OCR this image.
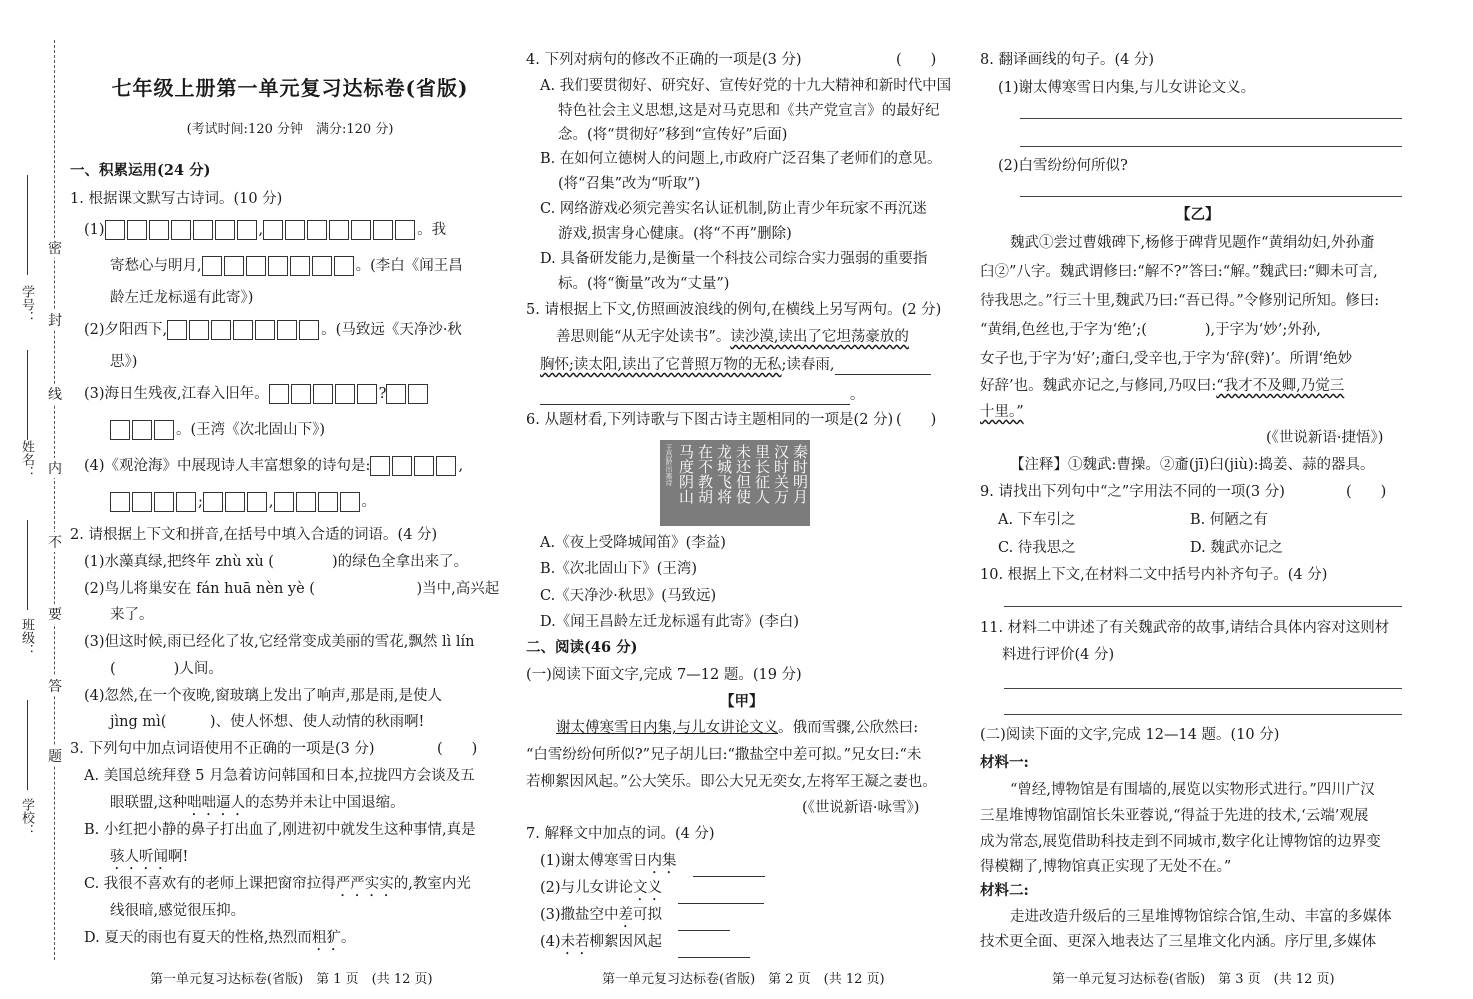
密
封
线
内
不
要
答
题
学号：
姓名：
班级：
学校：
七年级上册第一单元复习达标卷(省版)
(考试时间:120 分钟　满分:120 分)
一、积累运用(24 分)
1. 根据课文默写古诗词。(10 分)
(1)	,	。我
寄愁心与明月,	。(李白《闻王昌
龄左迁龙标遥有此寄》)
(2)夕阳西下,	。(马致远《天净沙·秋
思》)
(3)海日生残夜,江春入旧年。	?
。(王湾《次北固山下》)
(4)《观沧海》中展现诗人丰富想象的诗句是:	,
;	,	。
2. 请根据上下文和拼音,在括号中填入合适的词语。(4 分)
(1)水藻真绿,把终年 zhù xù (　　　　)的绿色全拿出来了。
(2)鸟儿将巢安在 fán huā nèn yè (　　　　　　　)当中,高兴起
来了。
(3)但这时候,雨已经化了妆,它经常变成美丽的雪花,飘然 lì lín
(　　　　)人间。
(4)忽然,在一个夜晚,窗玻璃上发出了响声,那是雨,是使人
jìng mì(　　　)、使人怀想、使人动情的秋雨啊!
3. 下列句中加点词语使用不正确的一项是(3 分)	(　　)
A. 美国总统拜登 5 月急着访问韩国和日本,拉拢四方会谈及五
眼联盟,这种咄咄逼人的态势并未让中国退缩。
B. 小红把小静的鼻子打出血了,刚进初中就发生这种事情,真是
骇人听闻啊!
C. 我很不喜欢有的老师上课把窗帘拉得严严实实的,教室内光
线很暗,感觉很压抑。
D. 夏天的雨也有夏天的性格,热烈而粗犷。
第一单元复习达标卷(省版)　第 1 页　(共 12 页)
4. 下列对病句的修改不正确的一项是(3 分)	(　　)
A. 我们要贯彻好、研究好、宣传好党的十九大精神和新时代中国
特色社会主义思想,这是对马克思和《共产党宣言》的最好纪
念。(将“贯彻好”移到“宣传好”后面)
B. 在如何立德树人的问题上,市政府广泛召集了老师们的意见。
(将“召集”改为“听取”)
C. 网络游戏必须完善实名认证机制,防止青少年玩家不再沉迷
游戏,损害身心健康。(将“不再”删除)
D. 具备研发能力,是衡量一个科技公司综合实力强弱的重要指
标。(将“衡量”改为“丈量”)
5. 请根据上下文,仿照画波浪线的例句,在横线上另写两句。(2 分)
善思则能“从无字处读书”。读沙漠,读出了它坦荡豪放的
胸怀;读太阳,读出了它普照万物的无私;读春雨,
。
6. 从题材看,下列诗歌与下图古诗主题相同的一项是(2 分) (　　)
A.《夜上受降城闻笛》(李益)
B.《次北固山下》(王湾)
C.《天净沙·秋思》(马致远)
D.《闻王昌龄左迁龙标遥有此寄》(李白)
二、阅读(46 分)
(一)阅读下面文字,完成 7—12 题。(19 分)
【甲】
谢太傅寒雪日内集,与儿女讲论文义。俄而雪骤,公欣然曰:
“白雪纷纷何所似?”兄子胡儿曰:“撒盐空中差可拟。”兄女曰:“未
若柳絮因风起。”公大笑乐。即公大兄无奕女,左将军王凝之妻也。
(《世说新语·咏雪》)
7. 解释文中加点的词。(4 分)
(1)谢太傅寒雪日内集
(2)与儿女讲论文义
(3)撒盐空中差可拟
(4)未若柳絮因风起
第一单元复习达标卷(省版)　第 2 页　(共 12 页)
秦时明月
汉时关万
里长征人
未还但使
龙城飞将
在不教胡
马度阴山
王昌龄出塞诗
8. 翻译画线的句子。(4 分)
(1)谢太傅寒雪日内集,与儿女讲论文义。
(2)白雪纷纷何所似?
【乙】
魏武①尝过曹娥碑下,杨修于碑背见题作“黄绢幼妇,外孙齑
臼②”八字。魏武谓修曰:“解不?”答曰:“解。”魏武曰:“卿未可言,
待我思之。”行三十里,魏武乃曰:“吾已得。”令修别记所知。修曰:
“黄绢,色丝也,于字为‘绝’;(　　　　),于字为‘妙’;外孙,
女子也,于字为‘好’;齑臼,受辛也,于字为‘辞(辤)’。所谓‘绝妙
好辞’也。魏武亦记之,与修同,乃叹曰:“我才不及卿,乃觉三
十里。”
(《世说新语·捷悟》)
【注释】①魏武:曹操。②齑(jī)臼(jiù):捣姜、蒜的器具。
9. 请找出下列句中“之”字用法不同的一项(3 分)	(　　)
A. 下车引之	B. 何陋之有
C. 待我思之	D. 魏武亦记之
10. 根据上下文,在材料二文中括号内补齐句子。(4 分)
11. 材料二中讲述了有关魏武帝的故事,请结合具体内容对这则材
料进行评价(4 分)
(二)阅读下面的文字,完成 12—14 题。(10 分)
材料一:
“曾经,博物馆是有围墙的,展览以实物形式进行。”四川广汉
三星堆博物馆副馆长朱亚蓉说,“得益于先进的技术,‘云端’观展
成为常态,展览借助科技走到不同城市,数字化让博物馆的边界变
得模糊了,博物馆真正实现了无处不在。”
材料二:
走进改造升级后的三星堆博物馆综合馆,生动、丰富的多媒体
技术更全面、更深入地表达了三星堆文化内涵。序厅里,多媒体
第一单元复习达标卷(省版)　第 3 页　(共 12 页)
